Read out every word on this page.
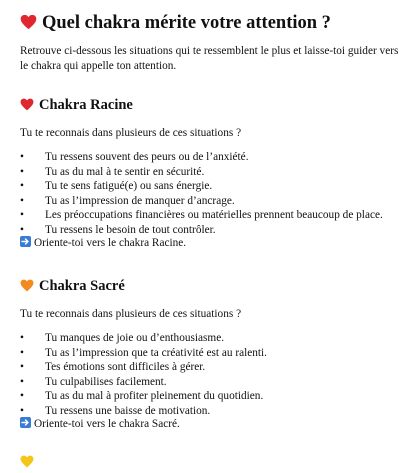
Quel chakra mérite votre attention ?
Retrouve ci-dessous les situations qui te ressemblent le plus et laisse-toi guider vers le chakra qui appelle ton attention.
Chakra Racine
Tu te reconnais dans plusieurs de ces situations ?
• Tu ressens souvent des peurs ou de l’anxiété.
• Tu as du mal à te sentir en sécurité.
• Tu te sens fatigué(e) ou sans énergie.
• Tu as l’impression de manquer d’ancrage.
• Les préoccupations financières ou matérielles prennent beaucoup de place.
• Tu ressens le besoin de tout contrôler.
Oriente-toi vers le chakra Racine.
Chakra Sacré
Tu te reconnais dans plusieurs de ces situations ?
• Tu manques de joie ou d’enthousiasme.
• Tu as l’impression que ta créativité est au ralenti.
• Tes émotions sont difficiles à gérer.
• Tu culpabilises facilement.
• Tu as du mal à profiter pleinement du quotidien.
• Tu ressens une baisse de motivation.
Oriente-toi vers le chakra Sacré.
